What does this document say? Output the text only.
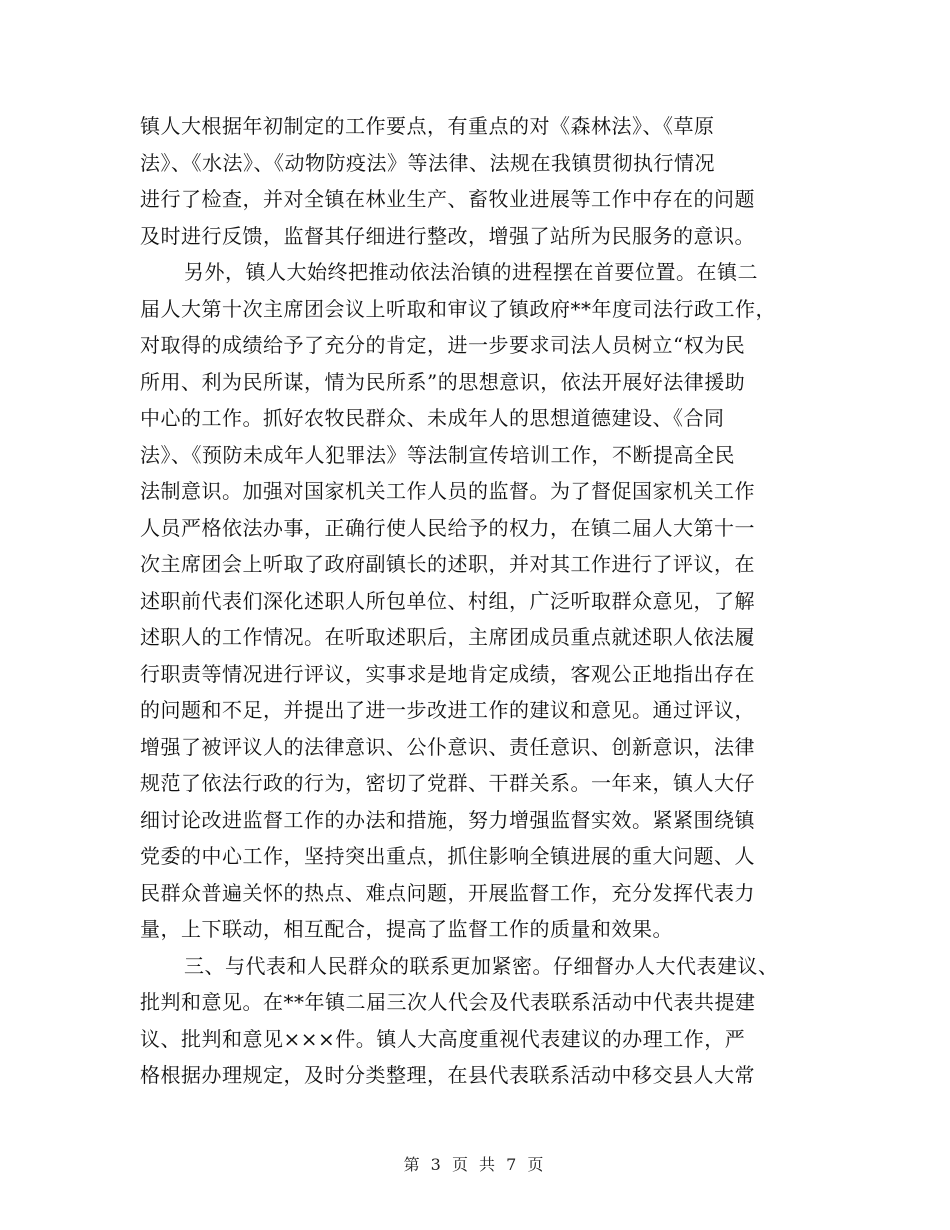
镇人大根据年初制定的工作要点，有重点的对《森林法》、《草原
法》、《水法》、《动物防疫法》等法律、法规在我镇贯彻执行情况
进行了检查，并对全镇在林业生产、畜牧业进展等工作中存在的问题
及时进行反馈，监督其仔细进行整改，增强了站所为民服务的意识。
另外，镇人大始终把推动依法治镇的进程摆在首要位置。在镇二
届人大第十次主席团会议上听取和审议了镇政府**年度司法行政工作，
对取得的成绩给予了充分的肯定，进一步要求司法人员树立“权为民
所用、利为民所谋，情为民所系”的思想意识，依法开展好法律援助
中心的工作。抓好农牧民群众、未成年人的思想道德建设、《合同
法》、《预防未成年人犯罪法》等法制宣传培训工作，不断提高全民
法制意识。加强对国家机关工作人员的监督。为了督促国家机关工作
人员严格依法办事，正确行使人民给予的权力，在镇二届人大第十一
次主席团会上听取了政府副镇长的述职，并对其工作进行了评议，在
述职前代表们深化述职人所包单位、村组，广泛听取群众意见，了解
述职人的工作情况。在听取述职后，主席团成员重点就述职人依法履
行职责等情况进行评议，实事求是地肯定成绩，客观公正地指出存在
的问题和不足，并提出了进一步改进工作的建议和意见。通过评议，
增强了被评议人的法律意识、公仆意识、责任意识、创新意识，法律
规范了依法行政的行为，密切了党群、干群关系。一年来，镇人大仔
细讨论改进监督工作的办法和措施，努力增强监督实效。紧紧围绕镇
党委的中心工作，坚持突出重点，抓住影响全镇进展的重大问题、人
民群众普遍关怀的热点、难点问题，开展监督工作，充分发挥代表力
量，上下联动，相互配合，提高了监督工作的质量和效果。
三、与代表和人民群众的联系更加紧密。仔细督办人大代表建议、
批判和意见。在**年镇二届三次人代会及代表联系活动中代表共提建
议、批判和意见×××件。镇人大高度重视代表建议的办理工作，严
格根据办理规定，及时分类整理，在县代表联系活动中移交县人大常
第 3 页 共 7 页
